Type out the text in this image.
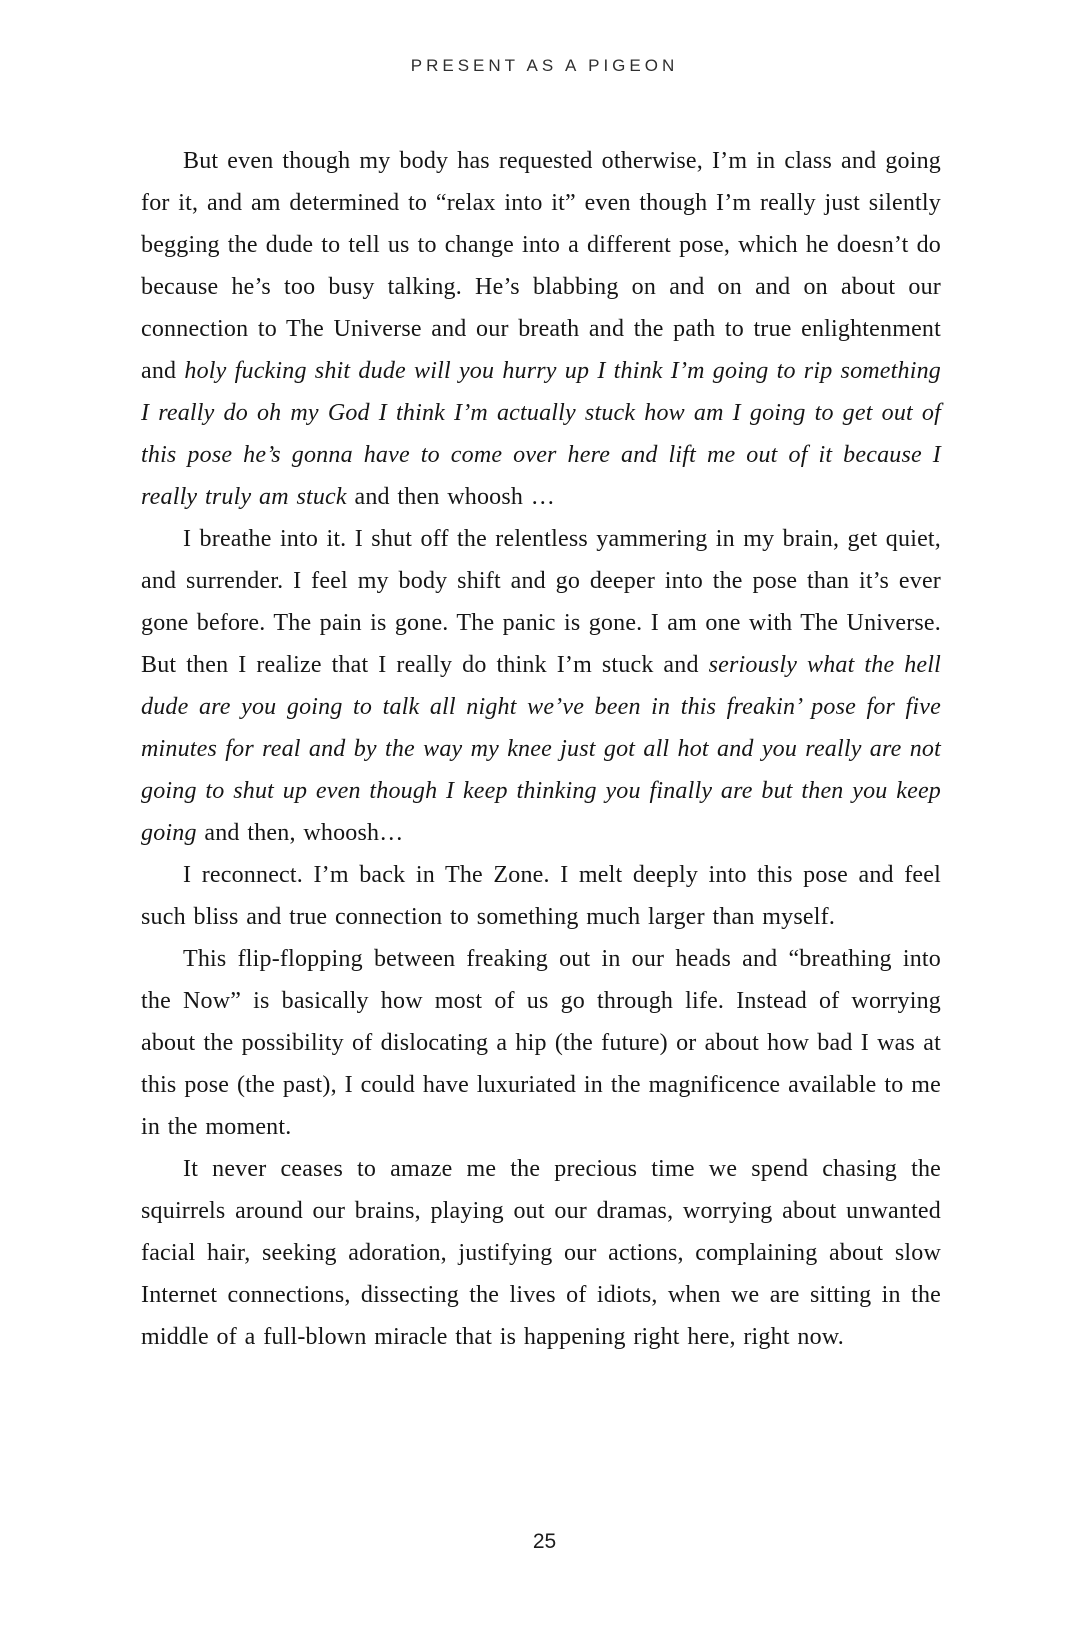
PRESENT AS A PIGEON

But even though my body has requested otherwise, I’m in class and going for it, and am determined to “relax into it” even though I’m really just silently begging the dude to tell us to change into a different pose, which he doesn’t do because he’s too busy talking. He’s blabbing on and on and on about our connection to The Universe and our breath and the path to true enlightenment and holy fucking shit dude will you hurry up I think I’m going to rip something I really do oh my God I think I’m actually stuck how am I going to get out of this pose he’s gonna have to come over here and lift me out of it because I really truly am stuck and then whoosh …

I breathe into it. I shut off the relentless yammering in my brain, get quiet, and surrender. I feel my body shift and go deeper into the pose than it’s ever gone before. The pain is gone. The panic is gone. I am one with The Universe. But then I realize that I really do think I’m stuck and seriously what the hell dude are you going to talk all night we’ve been in this freakin’ pose for five minutes for real and by the way my knee just got all hot and you really are not going to shut up even though I keep thinking you finally are but then you keep going and then, whoosh…

I reconnect. I’m back in The Zone. I melt deeply into this pose and feel such bliss and true connection to something much larger than myself.

This flip-flopping between freaking out in our heads and “breathing into the Now” is basically how most of us go through life. Instead of worrying about the possibility of dislocating a hip (the future) or about how bad I was at this pose (the past), I could have luxuriated in the magnificence available to me in the moment.

It never ceases to amaze me the precious time we spend chasing the squirrels around our brains, playing out our dramas, worrying about unwanted facial hair, seeking adoration, justifying our actions, complaining about slow Internet connections, dissecting the lives of idiots, when we are sitting in the middle of a full-blown miracle that is happening right here, right now.

25
